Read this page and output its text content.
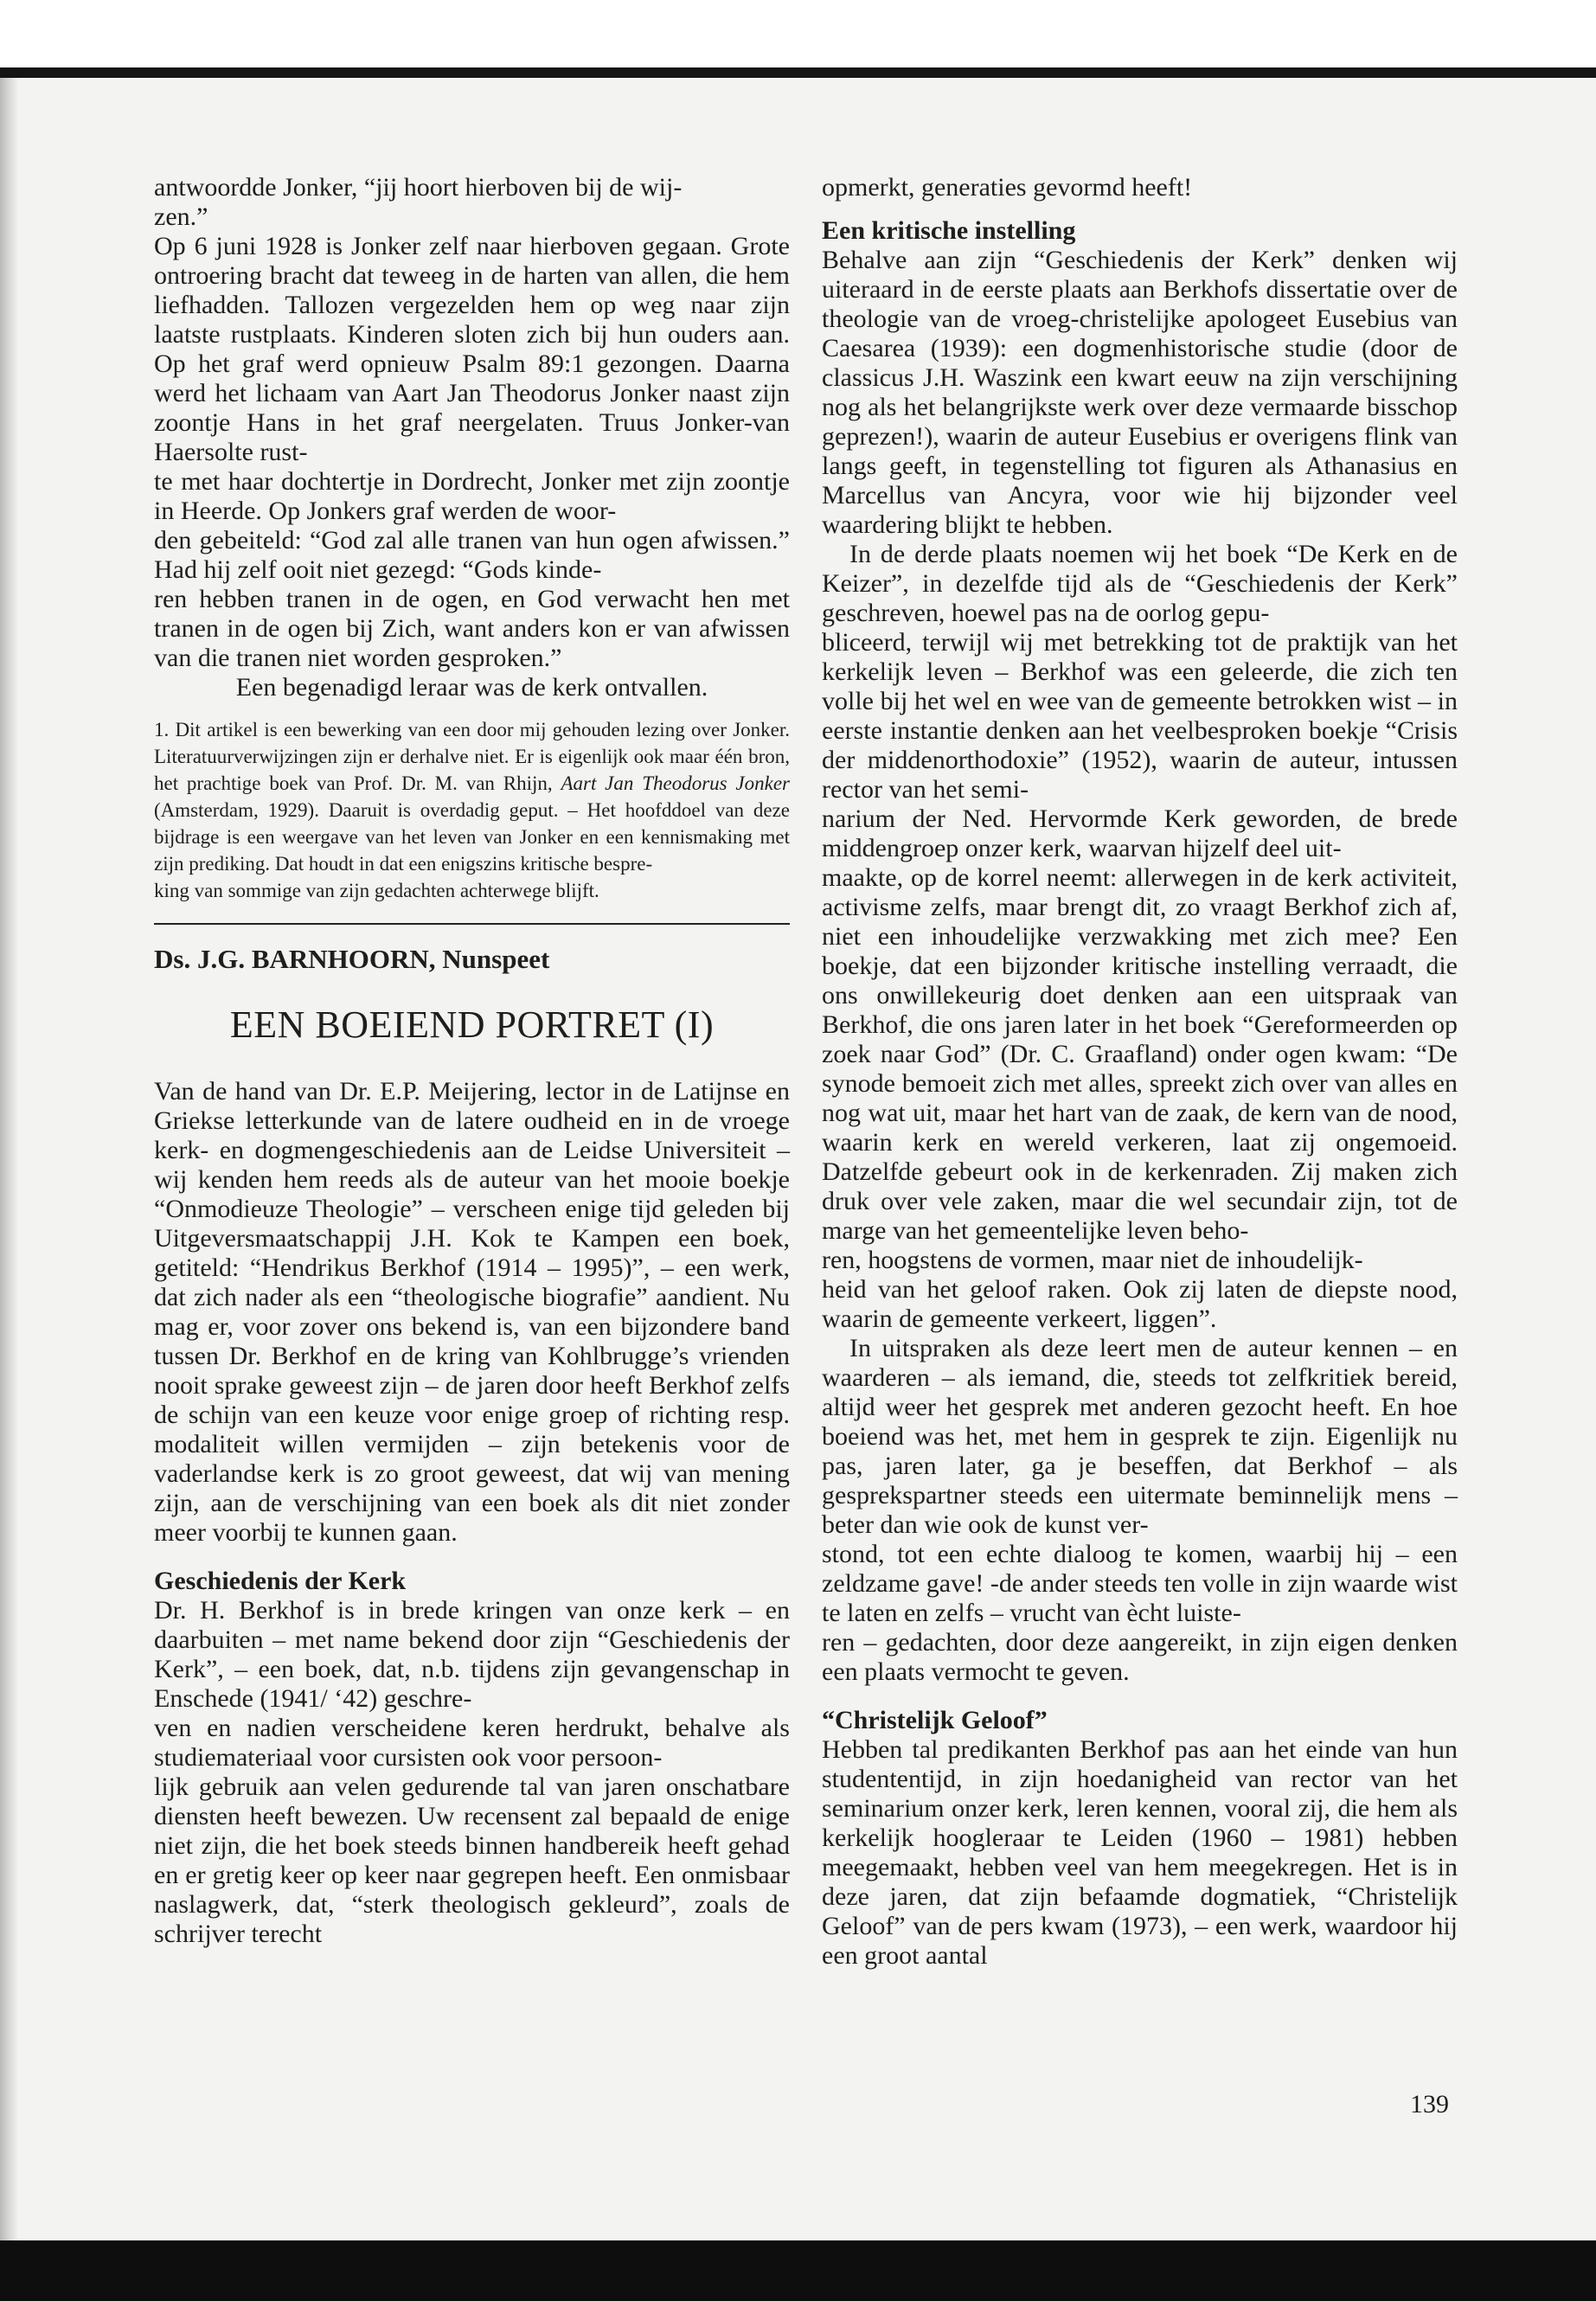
antwoordde Jonker, “jij hoort hierboven bij de wij-
zen.”

Op 6 juni 1928 is Jonker zelf naar hierboven gegaan. Grote ontroering bracht dat teweeg in de harten van allen, die hem liefhadden. Tallozen vergezelden hem op weg naar zijn laatste rustplaats. Kinderen sloten zich bij hun ouders aan. Op het graf werd opnieuw Psalm 89:1 gezongen. Daarna werd het lichaam van Aart Jan Theodorus Jonker naast zijn zoontje Hans in het graf neergelaten. Truus Jonker-van Haersolte rust-
te met haar dochtertje in Dordrecht, Jonker met zijn zoontje in Heerde. Op Jonkers graf werden de woor-
den gebeiteld: “God zal alle tranen van hun ogen afwissen.” Had hij zelf ooit niet gezegd: “Gods kinde-
ren hebben tranen in de ogen, en God verwacht hen met tranen in de ogen bij Zich, want anders kon er van afwissen van die tranen niet worden gesproken.”

Een begenadigd leraar was de kerk ontvallen.

1. Dit artikel is een bewerking van een door mij gehouden lezing over Jonker. Literatuurverwijzingen zijn er derhalve niet. Er is eigenlijk ook maar één bron, het prachtige boek van Prof. Dr. M. van Rhijn, Aart Jan Theodorus Jonker (Amsterdam, 1929). Daaruit is overdadig geput. – Het hoofddoel van deze bijdrage is een weergave van het leven van Jonker en een kennismaking met zijn prediking. Dat houdt in dat een enigszins kritische bespre-
king van sommige van zijn gedachten achterwege blijft.

Ds. J.G. BARNHOORN, Nunspeet

EEN BOEIEND PORTRET (I)

Van de hand van Dr. E.P. Meijering, lector in de Latijnse en Griekse letterkunde van de latere oudheid en in de vroege kerk- en dogmengeschiedenis aan de Leidse Universiteit – wij kenden hem reeds als de auteur van het mooie boekje “Onmodieuze Theologie” – verscheen enige tijd geleden bij Uitgeversmaatschappij J.H. Kok te Kampen een boek, getiteld: “Hendrikus Berkhof (1914 – 1995)”, – een werk, dat zich nader als een “theologische biografie” aandient. Nu mag er, voor zover ons bekend is, van een bijzondere band tussen Dr. Berkhof en de kring van Kohlbrugge’s vrienden nooit sprake geweest zijn – de jaren door heeft Berkhof zelfs de schijn van een keuze voor enige groep of richting resp. modaliteit willen vermijden – zijn betekenis voor de vaderlandse kerk is zo groot geweest, dat wij van mening zijn, aan de verschijning van een boek als dit niet zonder meer voorbij te kunnen gaan.

Geschiedenis der Kerk

Dr. H. Berkhof is in brede kringen van onze kerk – en daarbuiten – met name bekend door zijn “Geschiedenis der Kerk”, – een boek, dat, n.b. tijdens zijn gevangenschap in Enschede (1941/ ‘42) geschre-
ven en nadien verscheidene keren herdrukt, behalve als studiemateriaal voor cursisten ook voor persoon-
lijk gebruik aan velen gedurende tal van jaren onschatbare diensten heeft bewezen. Uw recensent zal bepaald de enige niet zijn, die het boek steeds binnen handbereik heeft gehad en er gretig keer op keer naar gegrepen heeft. Een onmisbaar naslagwerk, dat, “sterk theologisch gekleurd”, zoals de schrijver terecht

opmerkt, generaties gevormd heeft!

Een kritische instelling

Behalve aan zijn “Geschiedenis der Kerk” denken wij uiteraard in de eerste plaats aan Berkhofs dissertatie over de theologie van de vroeg-christelijke apologeet Eusebius van Caesarea (1939): een dogmenhistorische studie (door de classicus J.H. Waszink een kwart eeuw na zijn verschijning nog als het belangrijkste werk over deze vermaarde bisschop geprezen!), waarin de auteur Eusebius er overigens flink van langs geeft, in tegenstelling tot figuren als Athanasius en Marcellus van Ancyra, voor wie hij bijzonder veel waardering blijkt te hebben.

In de derde plaats noemen wij het boek “De Kerk en de Keizer”, in dezelfde tijd als de “Geschiedenis der Kerk” geschreven, hoewel pas na de oorlog gepu-
bliceerd, terwijl wij met betrekking tot de praktijk van het kerkelijk leven – Berkhof was een geleerde, die zich ten volle bij het wel en wee van de gemeente betrokken wist – in eerste instantie denken aan het veelbesproken boekje “Crisis der middenorthodoxie” (1952), waarin de auteur, intussen rector van het semi-
narium der Ned. Hervormde Kerk geworden, de brede middengroep onzer kerk, waarvan hijzelf deel uit-
maakte, op de korrel neemt: allerwegen in de kerk activiteit, activisme zelfs, maar brengt dit, zo vraagt Berkhof zich af, niet een inhoudelijke verzwakking met zich mee? Een boekje, dat een bijzonder kritische instelling verraadt, die ons onwillekeurig doet denken aan een uitspraak van Berkhof, die ons jaren later in het boek “Gereformeerden op zoek naar God” (Dr. C. Graafland) onder ogen kwam: “De synode bemoeit zich met alles, spreekt zich over van alles en nog wat uit, maar het hart van de zaak, de kern van de nood, waarin kerk en wereld verkeren, laat zij ongemoeid. Datzelfde gebeurt ook in de kerkenraden. Zij maken zich druk over vele zaken, maar die wel secundair zijn, tot de marge van het gemeentelijke leven beho-
ren, hoogstens de vormen, maar niet de inhoudelijk-
heid van het geloof raken. Ook zij laten de diepste nood, waarin de gemeente verkeert, liggen”.

In uitspraken als deze leert men de auteur kennen – en waarderen – als iemand, die, steeds tot zelfkritiek bereid, altijd weer het gesprek met anderen gezocht heeft. En hoe boeiend was het, met hem in gesprek te zijn. Eigenlijk nu pas, jaren later, ga je beseffen, dat Berkhof – als gesprekspartner steeds een uitermate beminnelijk mens – beter dan wie ook de kunst ver-
stond, tot een echte dialoog te komen, waarbij hij – een zeldzame gave! -de ander steeds ten volle in zijn waarde wist te laten en zelfs – vrucht van ècht luiste-
ren – gedachten, door deze aangereikt, in zijn eigen denken een plaats vermocht te geven.

“Christelijk Geloof”

Hebben tal predikanten Berkhof pas aan het einde van hun studententijd, in zijn hoedanigheid van rector van het seminarium onzer kerk, leren kennen, vooral zij, die hem als kerkelijk hoogleraar te Leiden (1960 – 1981) hebben meegemaakt, hebben veel van hem meegekregen. Het is in deze jaren, dat zijn befaamde dogmatiek, “Christelijk Geloof” van de pers kwam (1973), – een werk, waardoor hij een groot aantal

139
